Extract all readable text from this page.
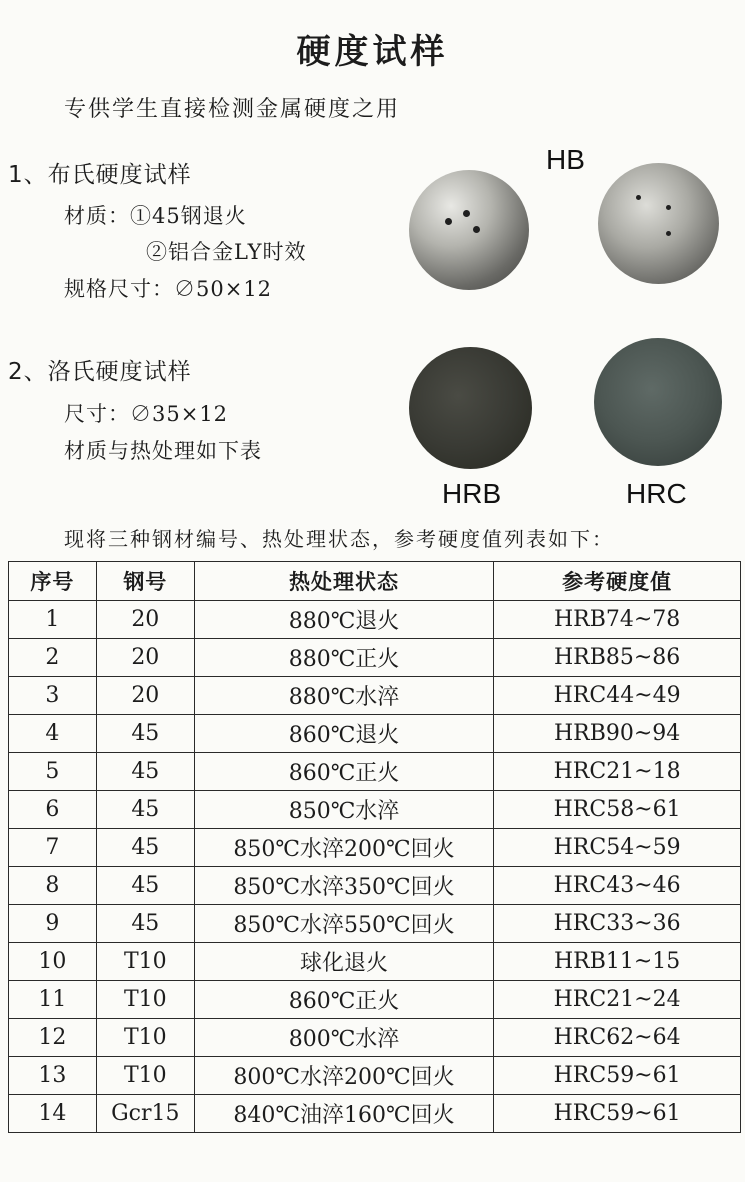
硬度试样
专供学生直接检测金属硬度之用
1、布氏硬度试样
材质：①45钢退火
②铝合金LY时效
规格尺寸：∅50×12
HB
2、洛氏硬度试样
尺寸：∅35×12
材质与热处理如下表
HRB	HRC
现将三种钢材编号、热处理状态，参考硬度值列表如下：
序号	钢号	热处理状态	参考硬度值
1	20	880℃退火	HRB74~78
2	20	880℃正火	HRB85~86
3	20	880℃水淬	HRC44~49
4	45	860℃退火	HRB90~94
5	45	860℃正火	HRC21~18
6	45	850℃水淬	HRC58~61
7	45	850℃水淬200℃回火	HRC54~59
8	45	850℃水淬350℃回火	HRC43~46
9	45	850℃水淬550℃回火	HRC33~36
10	T10	球化退火	HRB11~15
11	T10	860℃正火	HRC21~24
12	T10	800℃水淬	HRC62~64
13	T10	800℃水淬200℃回火	HRC59~61
14	Gcr15	840℃油淬160℃回火	HRC59~61
